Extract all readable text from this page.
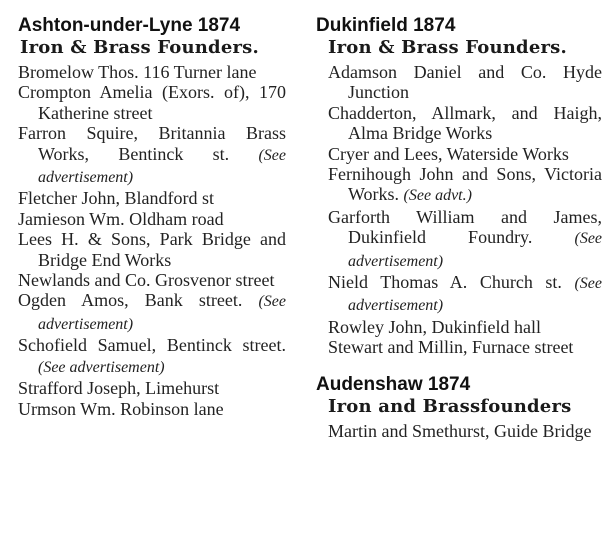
Ashton-under-Lyne 1874
Iron & Brass Founders.
Bromelow Thos. 116 Turner lane
Crompton Amelia (Exors. of), 170 Katherine street
Farron Squire, Britannia Brass Works, Bentinck st. (See advertisement)
Fletcher John, Blandford st
Jamieson Wm. Oldham road
Lees H. & Sons, Park Bridge and Bridge End Works
Newlands and Co. Grosvenor street
Ogden Amos, Bank street. (See advertisement)
Schofield Samuel, Bentinck street. (See advertisement)
Strafford Joseph, Limehurst
Urmson Wm. Robinson lane
Dukinfield 1874
Iron & Brass Founders.
Adamson Daniel and Co. Hyde Junction
Chadderton, Allmark, and Haigh, Alma Bridge Works
Cryer and Lees, Waterside Works
Fernihough John and Sons, Victoria Works. (See advt.)
Garforth William and James, Dukinfield Foundry.	(See advertisement)
Nield Thomas A. Church st. (See advertisement)
Rowley John, Dukinfield hall
Stewart and Millin, Furnace street
Audenshaw 1874
Iron and Brassfounders
Martin and Smethurst, Guide Bridge
